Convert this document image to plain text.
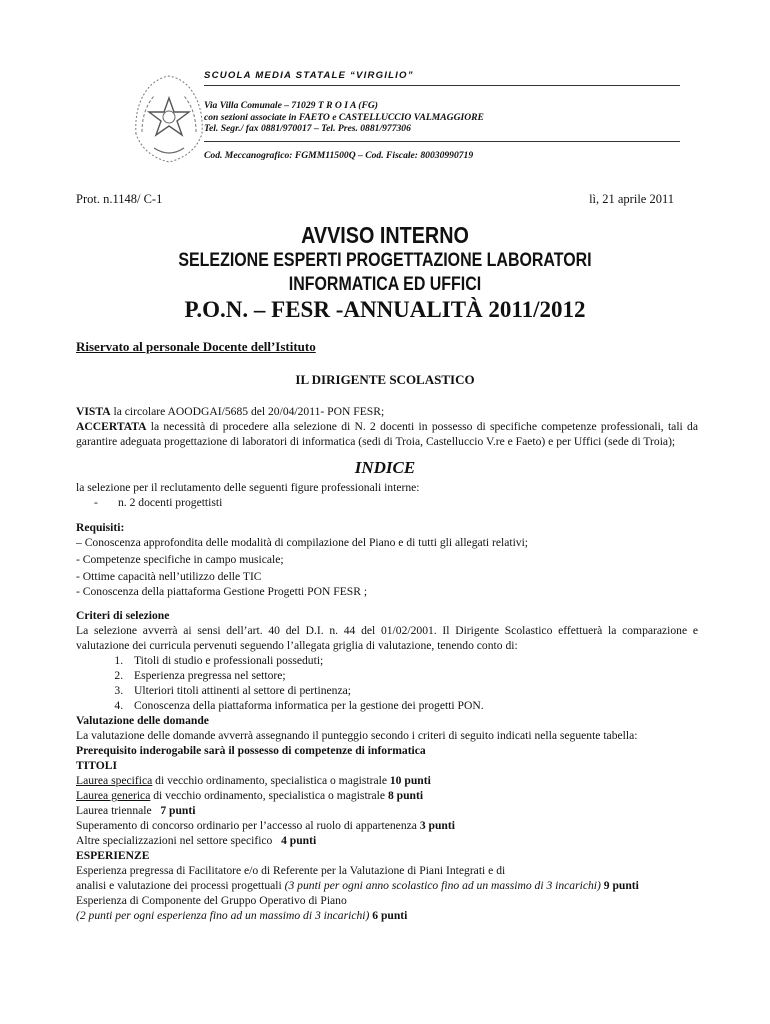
SCUOLA MEDIA STATALE “VIRGILIO”
Via Villa Comunale – 71029 T R O I A (FG)
con sezioni associate in FAETO e CASTELLUCCIO VALMAGGIORE
Tel. Segr./ fax 0881/970017 – Tel. Pres. 0881/977306
Cod. Meccanografico: FGMM11500Q – Cod. Fiscale: 80030990719
Prot. n.1148/ C-1	lì, 21 aprile 2011
AVVISO INTERNO
SELEZIONE ESPERTI PROGETTAZIONE LABORATORI
INFORMATICA ED UFFICI
P.O.N. – FESR -ANNUALITÀ 2011/2012
Riservato al personale Docente dell’Istituto
IL DIRIGENTE SCOLASTICO
VISTA la circolare AOODGAI/5685 del 20/04/2011- PON FESR;
ACCERTATA la necessità di procedere alla selezione di N. 2 docenti in possesso di specifiche competenze professionali, tali da garantire adeguata progettazione di laboratori di informatica (sedi di Troia, Castelluccio V.re e Faeto) e per Uffici (sede di Troia);
INDICE
la selezione per il reclutamento delle seguenti figure professionali interne:
- n. 2 docenti progettisti
Requisiti:
– Conoscenza approfondita delle modalità di compilazione del Piano e di tutti gli allegati relativi;
- Competenze specifiche in campo musicale;
- Ottime capacità nell’utilizzo delle TIC
- Conoscenza della piattaforma Gestione Progetti PON FESR ;
Criteri di selezione
La selezione avverrà ai sensi dell’art. 40 del D.I. n. 44 del 01/02/2001. Il Dirigente Scolastico effettuerà la comparazione e valutazione dei curricula pervenuti seguendo l’allegata griglia di valutazione, tenendo conto di:
1. Titoli di studio e professionali posseduti;
2. Esperienza pregressa nel settore;
3. Ulteriori titoli attinenti al settore di pertinenza;
4. Conoscenza della piattaforma informatica per la gestione dei progetti PON.
Valutazione delle domande
La valutazione delle domande avverrà assegnando il punteggio secondo i criteri di seguito indicati nella seguente tabella:
Prerequisito inderogabile sarà il possesso di competenze di informatica
TITOLI
Laurea specifica di vecchio ordinamento, specialistica o magistrale 10 punti
Laurea generica di vecchio ordinamento, specialistica o magistrale 8 punti
Laurea triennale   7 punti
Superamento di concorso ordinario per l’accesso al ruolo di appartenenza 3 punti
Altre specializzazioni nel settore specifico   4 punti
ESPERIENZE
Esperienza pregressa di Facilitatore e/o di Referente per la Valutazione di Piani Integrati e di
analisi e valutazione dei processi progettuali (3 punti per ogni anno scolastico fino ad un massimo di 3 incarichi) 9 punti
Esperienza di Componente del Gruppo Operativo di Piano
(2 punti per ogni esperienza fino ad un massimo di 3 incarichi) 6 punti
